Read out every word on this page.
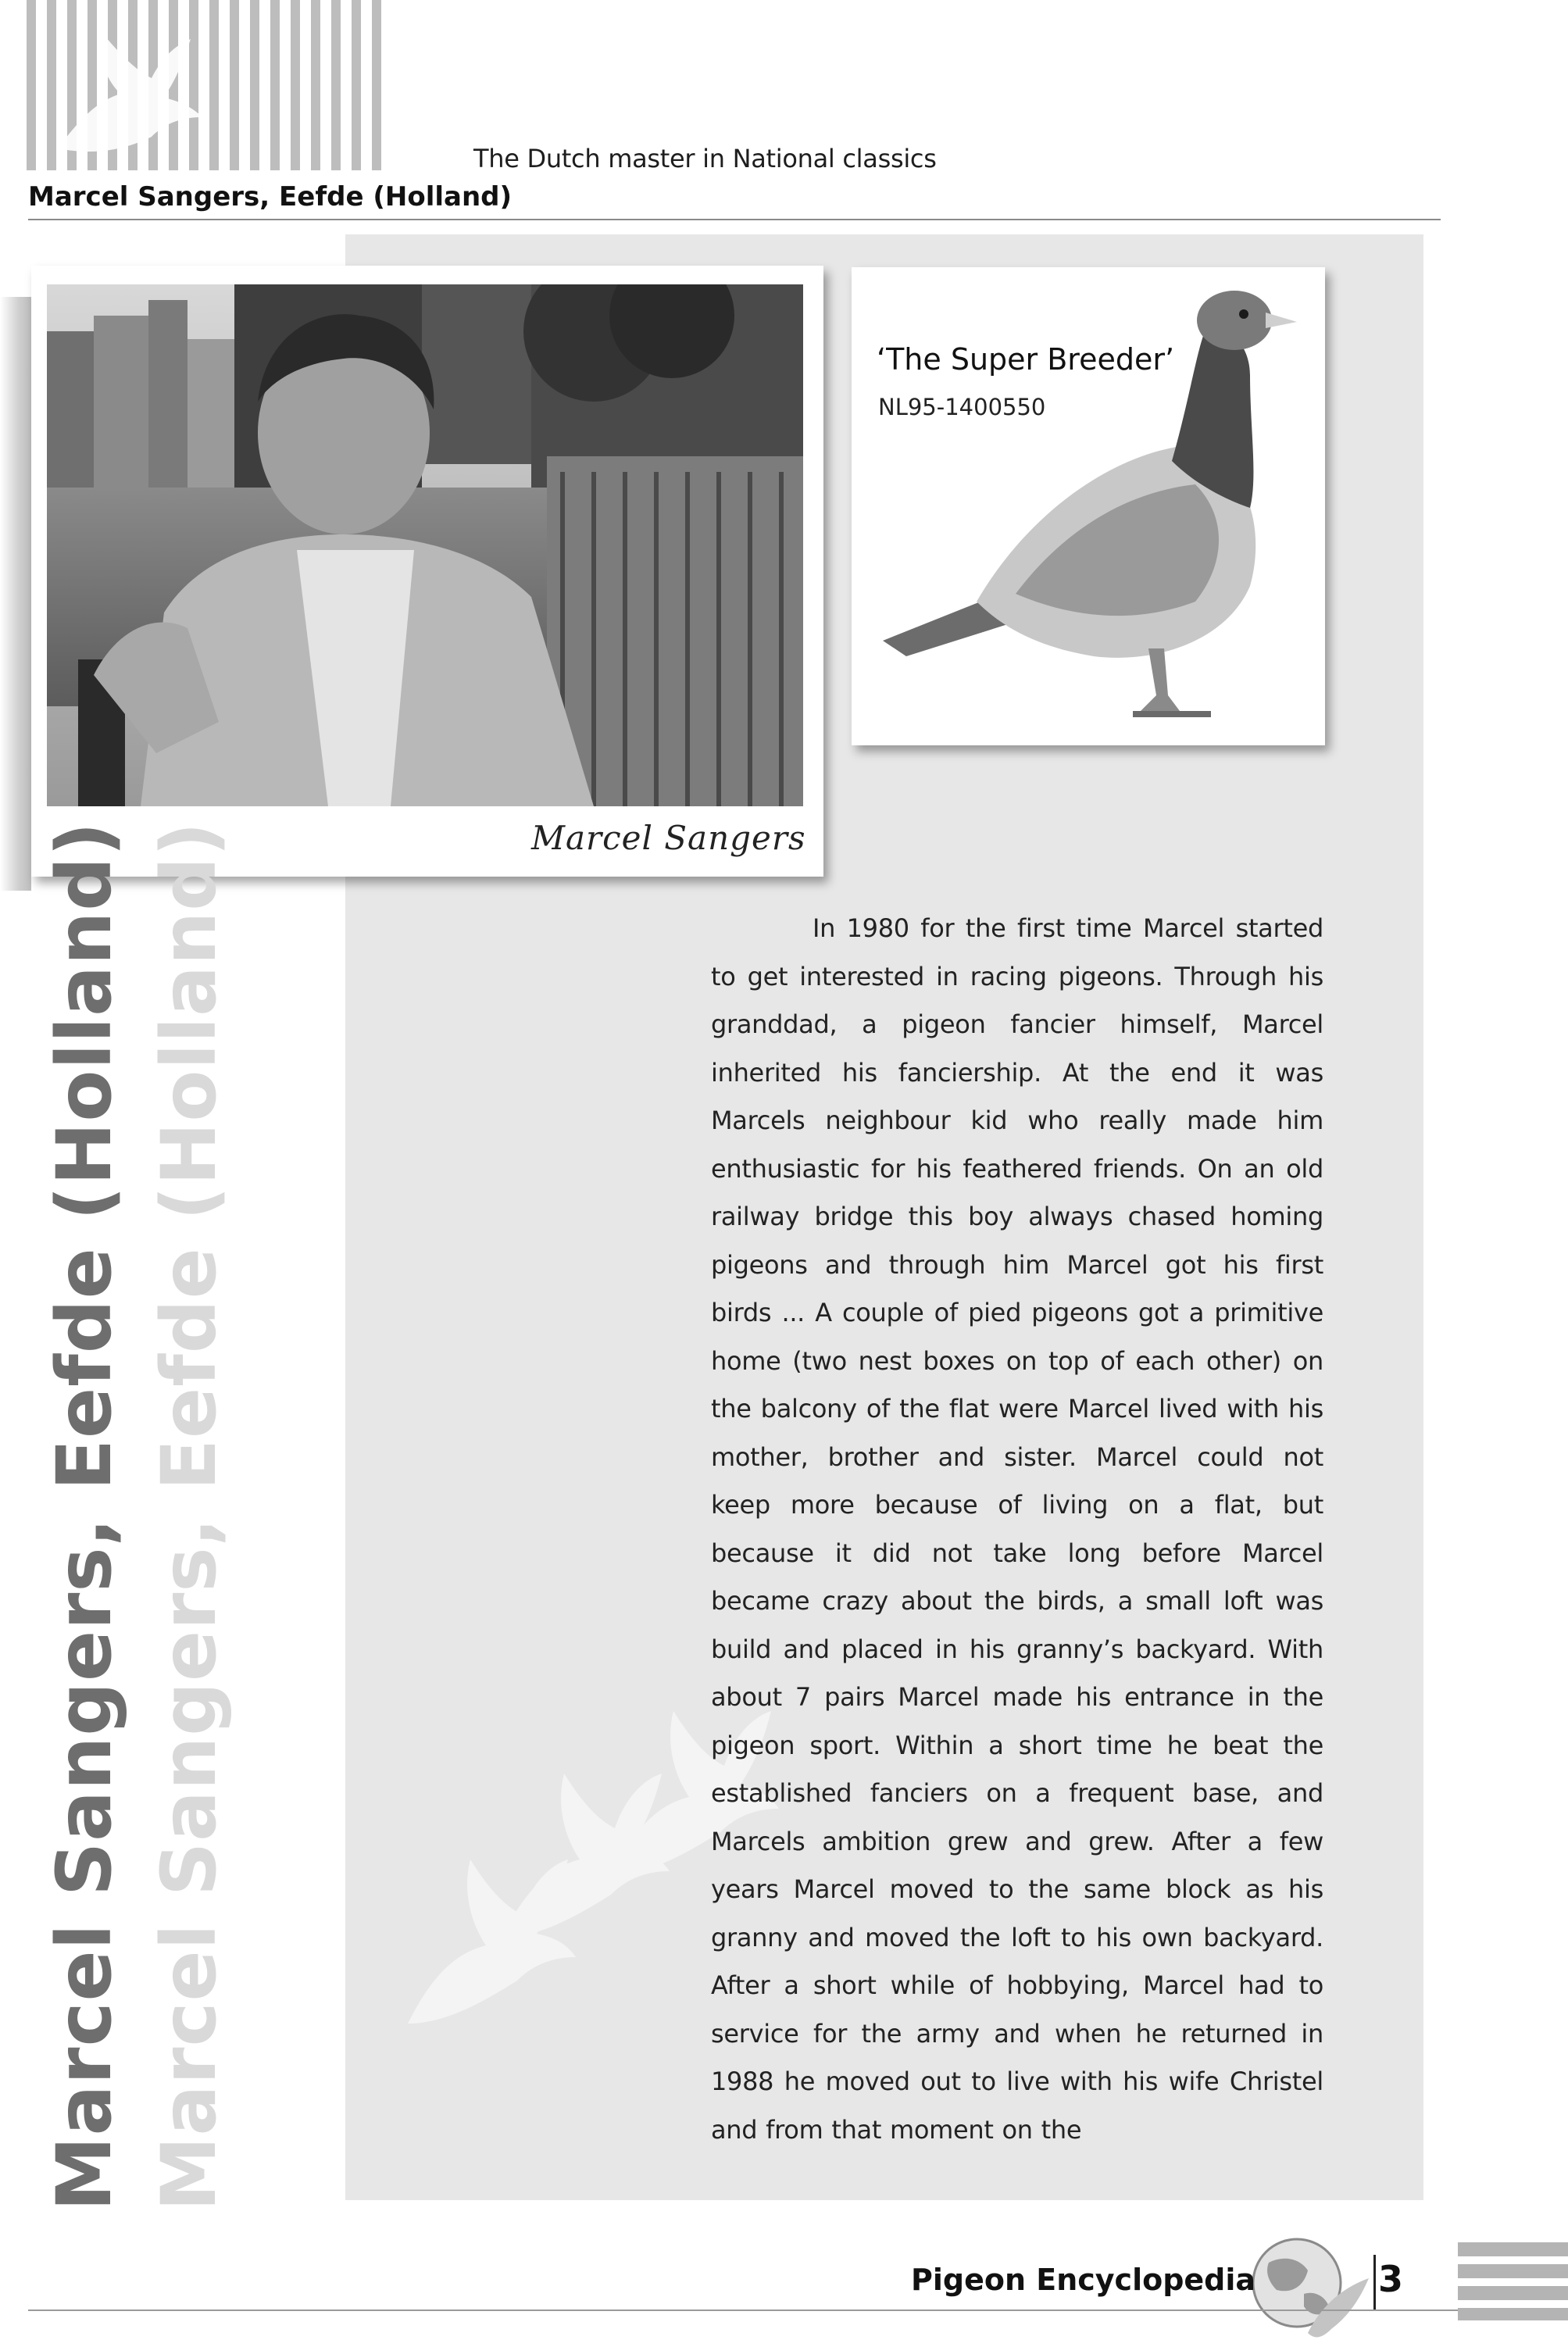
The Dutch master in National classics
Marcel Sangers, Eefde (Holland)
Marcel Sangers
‘The Super Breeder’
NL95-1400550
Marcel Sangers, Eefde (Holland) Marcel Sangers, Eefde (Holland)	In 1980 for the first time Marcel started to get interested in racing pigeons. Through his granddad, a pigeon fancier himself, Marcel inherited his fanciership. At the end it was Marcels neighbour kid who really made him enthusiastic for his feathered friends. On an old railway bridge this boy always chased homing pigeons and through him Marcel got his first birds ... A couple of pied pigeons got a primitive home (two nest boxes on top of each other) on the balcony of the flat were Marcel lived with his mother, brother and sister. Marcel could not keep more because of living on a flat, but because it did not take long before Marcel became crazy about the birds, a small loft was build and placed in his granny’s backyard. With about 7 pairs Marcel made his entrance in the pigeon sport. Within a short time he beat the established fanciers on a frequent base, and Marcels ambition grew and grew. After a few years Marcel moved to the same block as his granny and moved the loft to his own backyard. After a short while of hobbying, Marcel had to service for the army and when he returned in 1988 he moved out to live with his wife Christel and from that moment on the
Pigeon Encyclopedia	3
